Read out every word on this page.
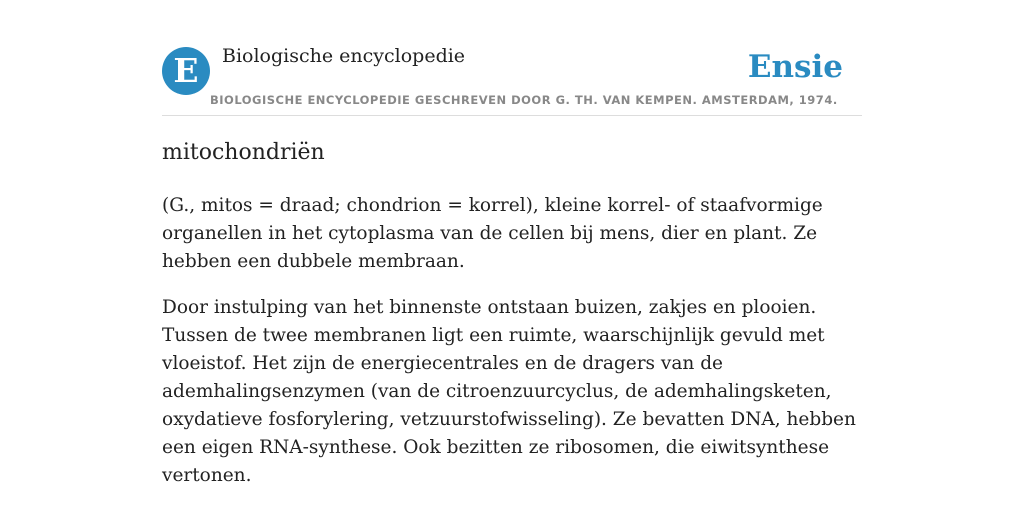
E	Biologische encyclopedie	Ensie
BIOLOGISCHE ENCYCLOPEDIE GESCHREVEN DOOR G. TH. VAN KEMPEN. AMSTERDAM, 1974.
mitochondriën

(G., mitos = draad; chondrion = korrel), kleine korrel- of staafvormige organellen in het cytoplasma van de cellen bij mens, dier en plant. Ze hebben een dubbele membraan.

Door instulping van het binnenste ontstaan buizen, zakjes en plooien. Tussen de twee membranen ligt een ruimte, waarschijnlijk gevuld met vloeistof. Het zijn de energiecentrales en de dragers van de ademhalingsenzymen (van de citroenzuurcyclus, de ademhalingsketen, oxydatieve fosforylering, vetzuurstofwisseling). Ze bevatten DNA, hebben een eigen RNA-synthese. Ook bezitten ze ribosomen, die eiwitsynthese vertonen.
